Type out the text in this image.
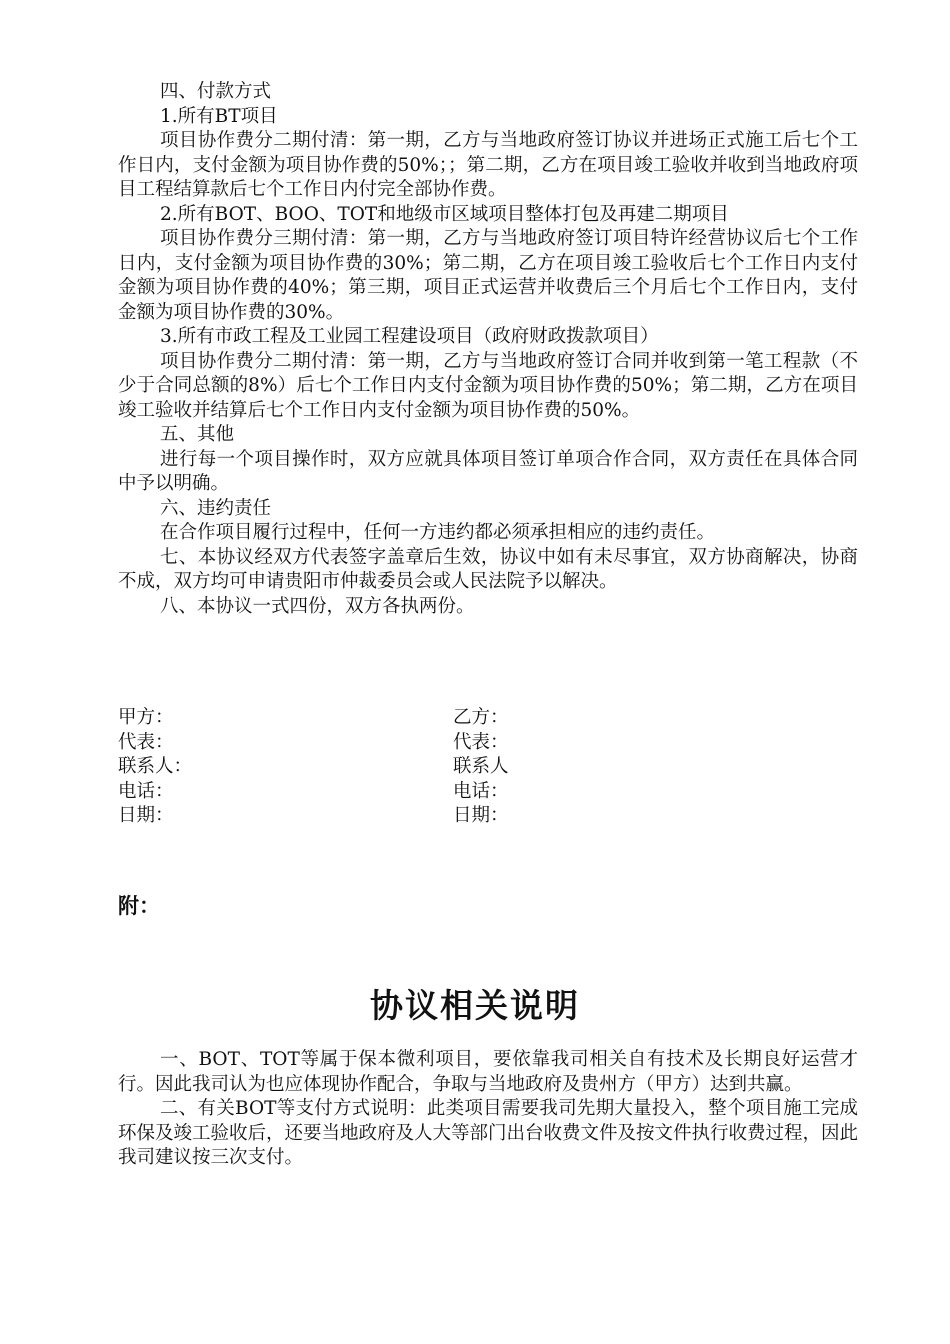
四、付款方式

1.所有BT项目

项目协作费分二期付清：第一期，乙方与当地政府签订协议并进场正式施工后七个工作日内，支付金额为项目协作费的50%；；第二期，乙方在项目竣工验收并收到当地政府项目工程结算款后七个工作日内付完全部协作费。

2.所有BOT、BOO、TOT和地级市区域项目整体打包及再建二期项目

项目协作费分三期付清：第一期，乙方与当地政府签订项目特许经营协议后七个工作日内，支付金额为项目协作费的30%；第二期，乙方在项目竣工验收后七个工作日内支付金额为项目协作费的40%；第三期，项目正式运营并收费后三个月后七个工作日内，支付金额为项目协作费的30%。

3.所有市政工程及工业园工程建设项目（政府财政拨款项目）

项目协作费分二期付清：第一期，乙方与当地政府签订合同并收到第一笔工程款（不少于合同总额的8%）后七个工作日内支付金额为项目协作费的50%；第二期，乙方在项目竣工验收并结算后七个工作日内支付金额为项目协作费的50%。

五、其他

进行每一个项目操作时，双方应就具体项目签订单项合作合同，双方责任在具体合同中予以明确。

六、违约责任

在合作项目履行过程中，任何一方违约都必须承担相应的违约责任。

七、本协议经双方代表签字盖章后生效，协议中如有未尽事宜，双方协商解决，协商不成，双方均可申请贵阳市仲裁委员会或人民法院予以解决。

八、本协议一式四份，双方各执两份。

甲方：	乙方：
代表：	代表：
联系人：	联系人
电话：	电话：
日期：	日期：
附：
协议相关说明

一、BOT、TOT等属于保本微利项目，要依靠我司相关自有技术及长期良好运营才行。因此我司认为也应体现协作配合，争取与当地政府及贵州方（甲方）达到共赢。

二、有关BOT等支付方式说明：此类项目需要我司先期大量投入，整个项目施工完成环保及竣工验收后，还要当地政府及人大等部门出台收费文件及按文件执行收费过程，因此我司建议按三次支付。
